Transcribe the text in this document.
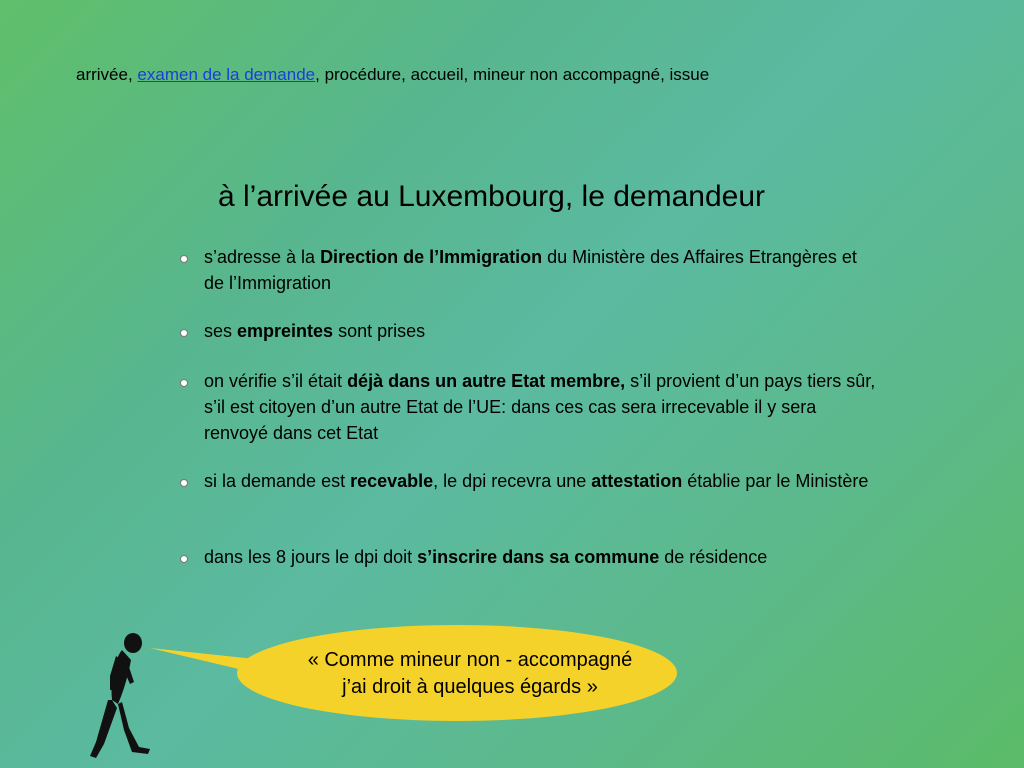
arrivée, examen de la demande, procédure, accueil, mineur non accompagné, issue
à l’arrivée au Luxembourg, le demandeur
s’adresse à la Direction de l’Immigration du Ministère des Affaires Etrangères et de l’Immigration
ses empreintes sont prises
on vérifie s’il était déjà dans un autre Etat membre, s’il provient d’un pays tiers sûr, s’il est citoyen d’un autre Etat de l’UE: dans ces cas sera irrecevable il y sera renvoyé dans cet Etat
si la demande est recevable, le dpi recevra une attestation établie par le Ministère
dans les 8 jours le dpi doit s’inscrire dans sa commune de résidence
« Comme mineur non - accompagné
j’ai droit à quelques égards »
